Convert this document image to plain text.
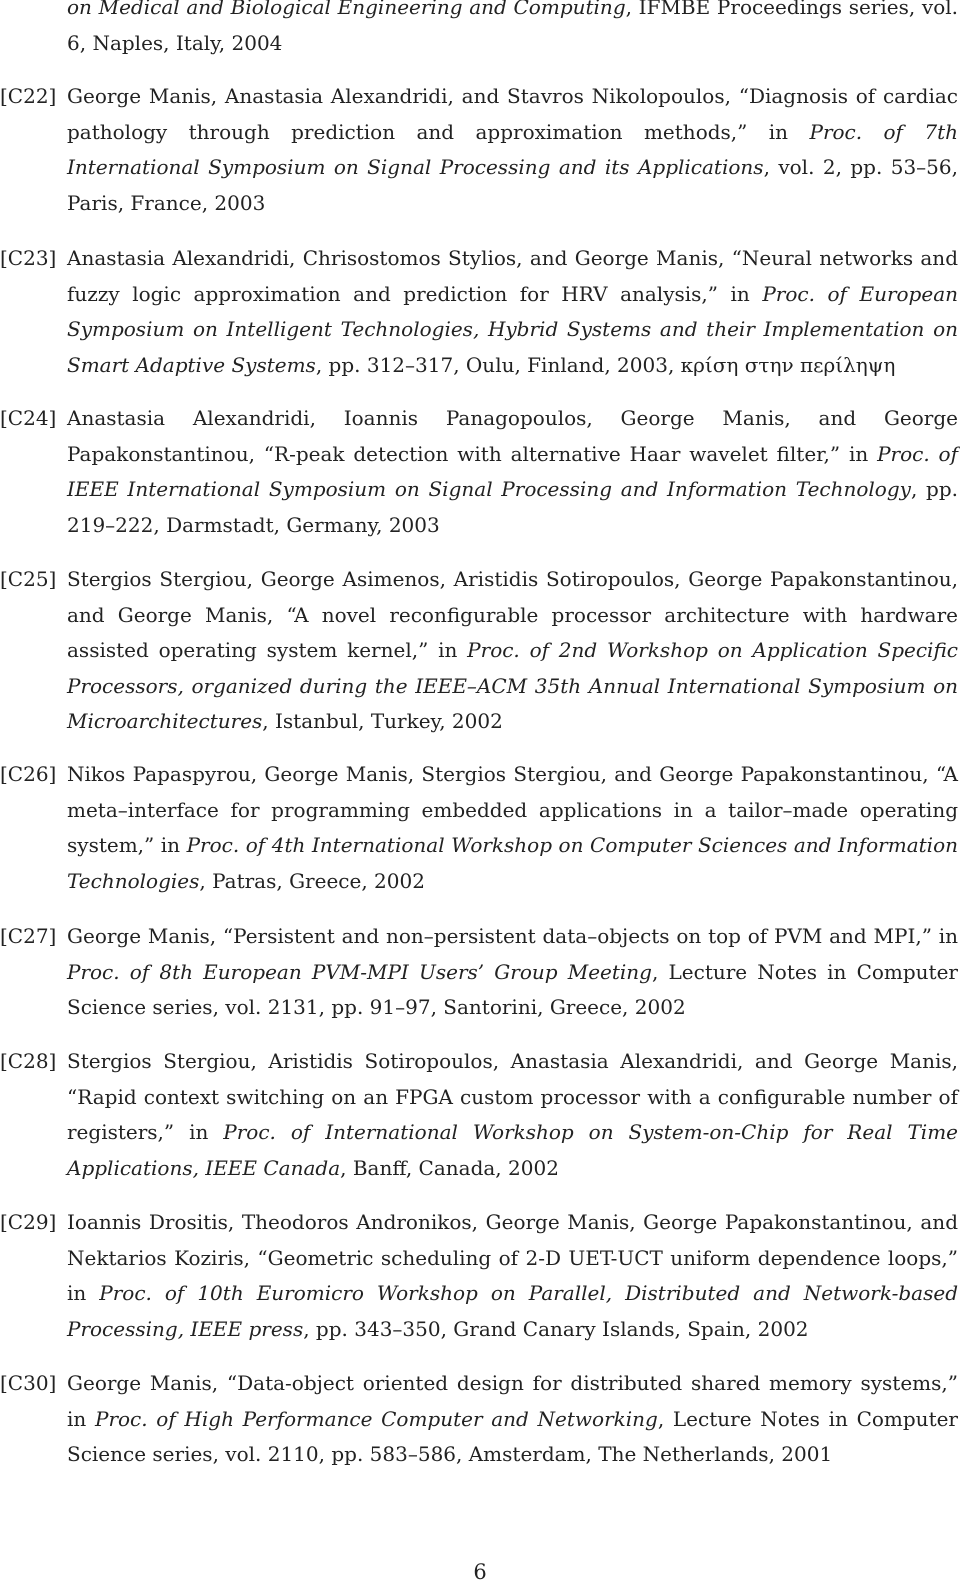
on Medical and Biological Engineering and Computing, IFMBE Proceedings series, vol. 6, Naples, Italy, 2004
[C22] George Manis, Anastasia Alexandridi, and Stavros Nikolopoulos, “Diagnosis of cardiac pathology through prediction and approximation methods,” in Proc. of 7th International Symposium on Signal Processing and its Applications, vol. 2, pp. 53–56, Paris, France, 2003
[C23] Anastasia Alexandridi, Chrisostomos Stylios, and George Manis, “Neural networks and fuzzy logic approximation and prediction for HRV analysis,” in Proc. of European Symposium on Intelligent Technologies, Hybrid Systems and their Implementation on Smart Adaptive Systems, pp. 312–317, Oulu, Finland, 2003, κρίση στην περίληψη
[C24] Anastasia Alexandridi, Ioannis Panagopoulos, George Manis, and George Papakonstantinou, “R-peak detection with alternative Haar wavelet filter,” in Proc. of IEEE International Symposium on Signal Processing and Information Technology, pp. 219–222, Darmstadt, Germany, 2003
[C25] Stergios Stergiou, George Asimenos, Aristidis Sotiropoulos, George Papakonstantinou, and George Manis, “A novel reconfigurable processor architecture with hardware assisted operating system kernel,” in Proc. of 2nd Workshop on Application Specific Processors, organized during the IEEE–ACM 35th Annual International Symposium on Microarchitectures, Istanbul, Turkey, 2002
[C26] Nikos Papaspyrou, George Manis, Stergios Stergiou, and George Papakonstantinou, “A meta–interface for programming embedded applications in a tailor–made operating system,” in Proc. of 4th International Workshop on Computer Sciences and Information Technologies, Patras, Greece, 2002
[C27] George Manis, “Persistent and non–persistent data–objects on top of PVM and MPI,” in Proc. of 8th European PVM-MPI Users’ Group Meeting, Lecture Notes in Computer Science series, vol. 2131, pp. 91–97, Santorini, Greece, 2002
[C28] Stergios Stergiou, Aristidis Sotiropoulos, Anastasia Alexandridi, and George Manis, “Rapid context switching on an FPGA custom processor with a configurable number of registers,” in Proc. of International Workshop on System-on-Chip for Real Time Applications, IEEE Canada, Banff, Canada, 2002
[C29] Ioannis Drositis, Theodoros Andronikos, George Manis, George Papakonstantinou, and Nektarios Koziris, “Geometric scheduling of 2-D UET-UCT uniform dependence loops,” in Proc. of 10th Euromicro Workshop on Parallel, Distributed and Network-based Processing, IEEE press, pp. 343–350, Grand Canary Islands, Spain, 2002
[C30] George Manis, “Data-object oriented design for distributed shared memory systems,” in Proc. of High Performance Computer and Networking, Lecture Notes in Computer Science series, vol. 2110, pp. 583–586, Amsterdam, The Netherlands, 2001
6
